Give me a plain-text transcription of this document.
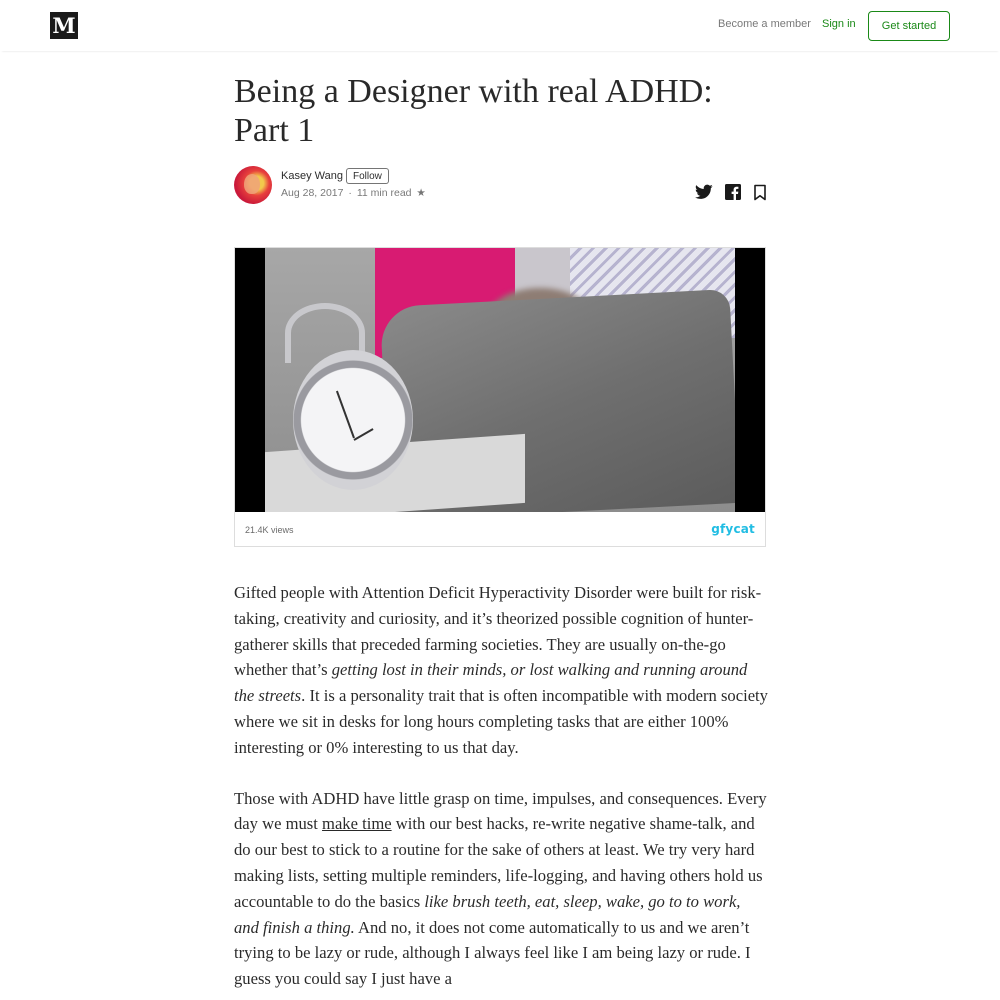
M	Become a member Sign in	Get started
Being a Designer with real ADHD: Part 1
Kasey Wang	Follow
Aug 28, 2017 · 11 min read ★
21.4K views	gfycat

Gifted people with Attention Deficit Hyperactivity Disorder were built for risk-taking, creativity and curiosity, and it’s theorized possible cognition of hunter-gatherer skills that preceded farming societies. They are usually on-the-go whether that’s getting lost in their minds, or lost walking and running around the streets. It is a personality trait that is often incompatible with modern society where we sit in desks for long hours completing tasks that are either 100% interesting or 0% interesting to us that day.

Those with ADHD have little grasp on time, impulses, and consequences. Every day we must make time with our best hacks, re-write negative shame-talk, and do our best to stick to a routine for the sake of others at least. We try very hard making lists, setting multiple reminders, life-logging, and having others hold us accountable to do the basics like brush teeth, eat, sleep, wake, go to to work, and finish a thing. And no, it does not come automatically to us and we aren’t trying to be lazy or rude, although I always feel like I am being lazy or rude. I guess you could say I just have a
